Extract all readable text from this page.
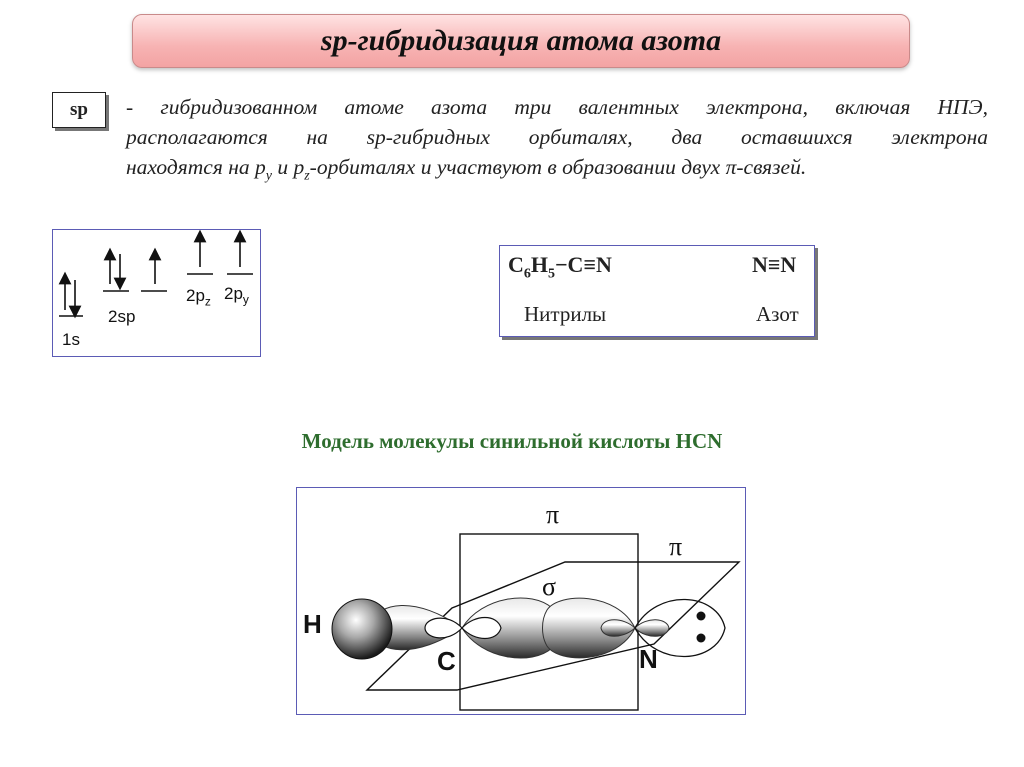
sp-гибридизация атома азота
sp - гибридизованном атоме азота три валентных электрона, включая НПЭ,
располагаются на sp-гибридных орбиталях, два оставшихся электрона
находятся на $p_y$ и $p_z$-орбиталях и участвуют в образовании двух π-связей.
1s
2sp
$2p_z$ $2p_y$
$C_6H_5-C\equiv N$	N≡N
Нитрилы	Азот
Модель молекулы синильной кислоты HCN
H
C	N
π
π
σ
